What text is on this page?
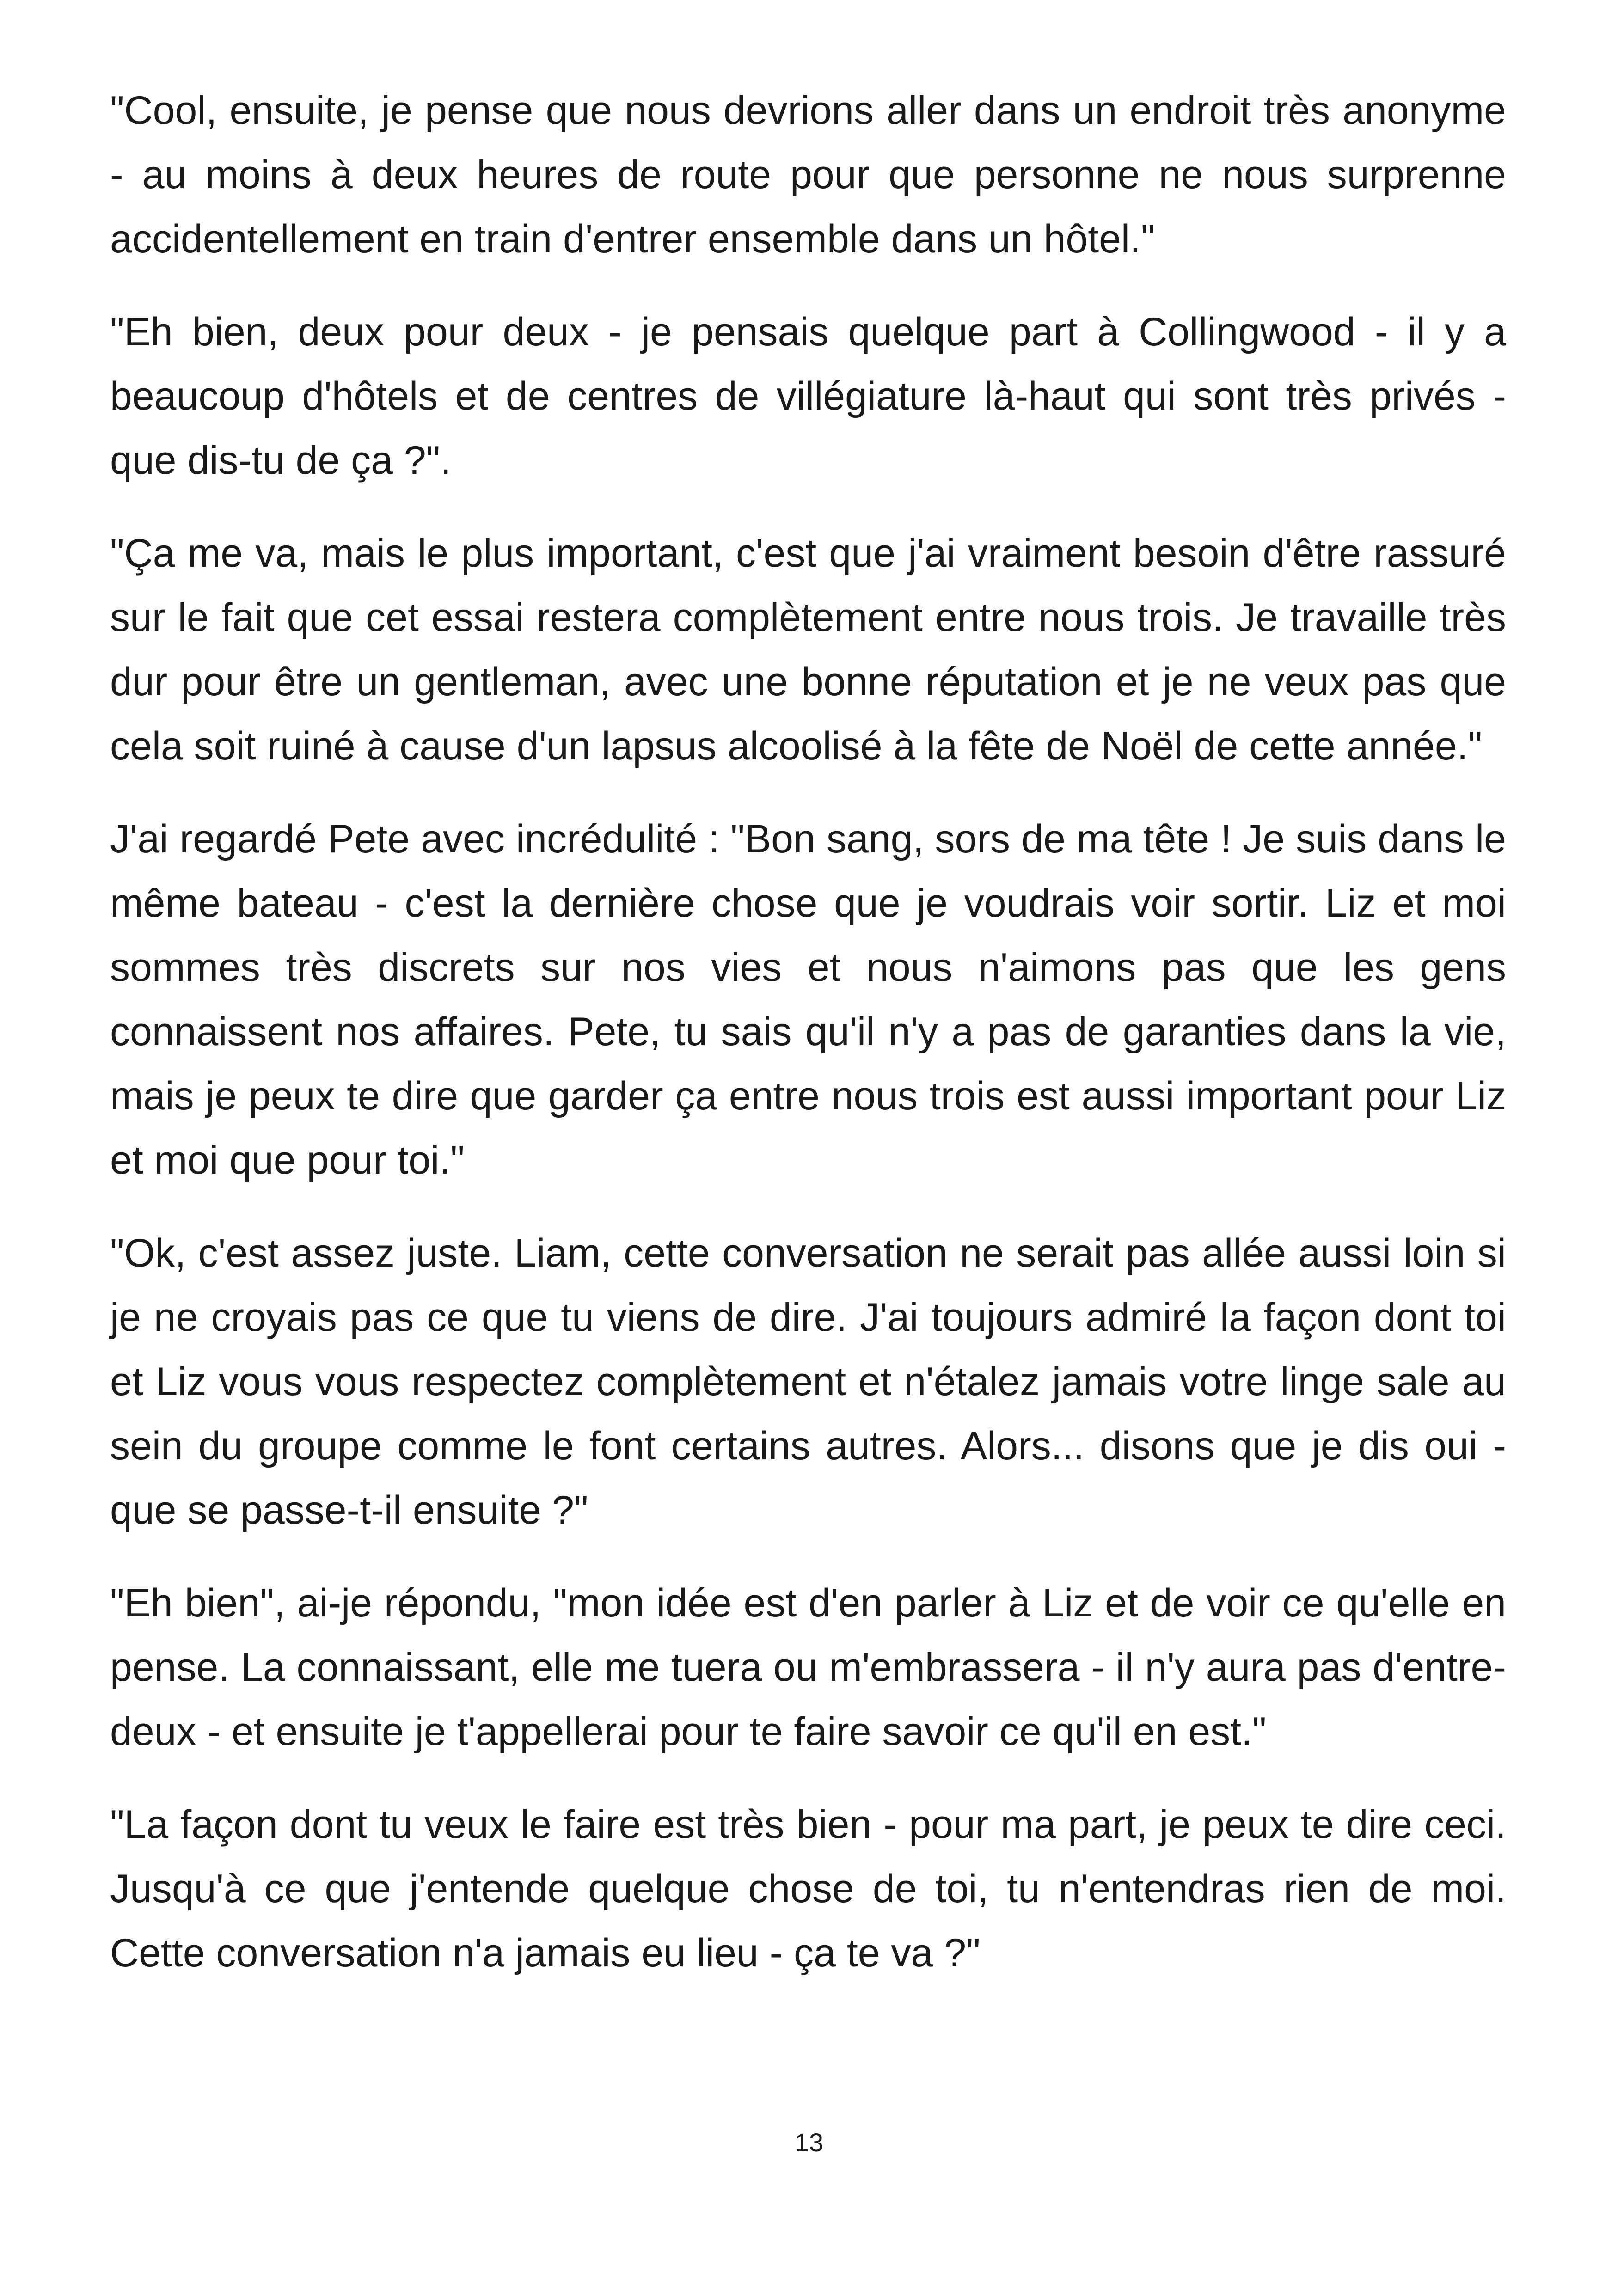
"Cool, ensuite, je pense que nous devrions aller dans un endroit très anonyme - au moins à deux heures de route pour que personne ne nous surprenne accidentellement en train d'entrer ensemble dans un hôtel."

"Eh bien, deux pour deux - je pensais quelque part à Collingwood - il y a beaucoup d'hôtels et de centres de villégiature là-haut qui sont très privés - que dis-tu de ça ?".

"Ça me va, mais le plus important, c'est que j'ai vraiment besoin d'être rassuré sur le fait que cet essai restera complètement entre nous trois. Je travaille très dur pour être un gentleman, avec une bonne réputation et je ne veux pas que cela soit ruiné à cause d'un lapsus alcoolisé à la fête de Noël de cette année."

J'ai regardé Pete avec incrédulité : "Bon sang, sors de ma tête ! Je suis dans le même bateau - c'est la dernière chose que je voudrais voir sortir. Liz et moi sommes très discrets sur nos vies et nous n'aimons pas que les gens connaissent nos affaires. Pete, tu sais qu'il n'y a pas de garanties dans la vie, mais je peux te dire que garder ça entre nous trois est aussi important pour Liz et moi que pour toi."

"Ok, c'est assez juste. Liam, cette conversation ne serait pas allée aussi loin si je ne croyais pas ce que tu viens de dire. J'ai toujours admiré la façon dont toi et Liz vous vous respectez complètement et n'étalez jamais votre linge sale au sein du groupe comme le font certains autres. Alors... disons que je dis oui - que se passe-t-il ensuite ?"

"Eh bien", ai-je répondu, "mon idée est d'en parler à Liz et de voir ce qu'elle en pense. La connaissant, elle me tuera ou m'embrassera - il n'y aura pas d'entre-deux - et ensuite je t'appellerai pour te faire savoir ce qu'il en est."

"La façon dont tu veux le faire est très bien - pour ma part, je peux te dire ceci. Jusqu'à ce que j'entende quelque chose de toi, tu n'entendras rien de moi. Cette conversation n'a jamais eu lieu - ça te va ?"

13
